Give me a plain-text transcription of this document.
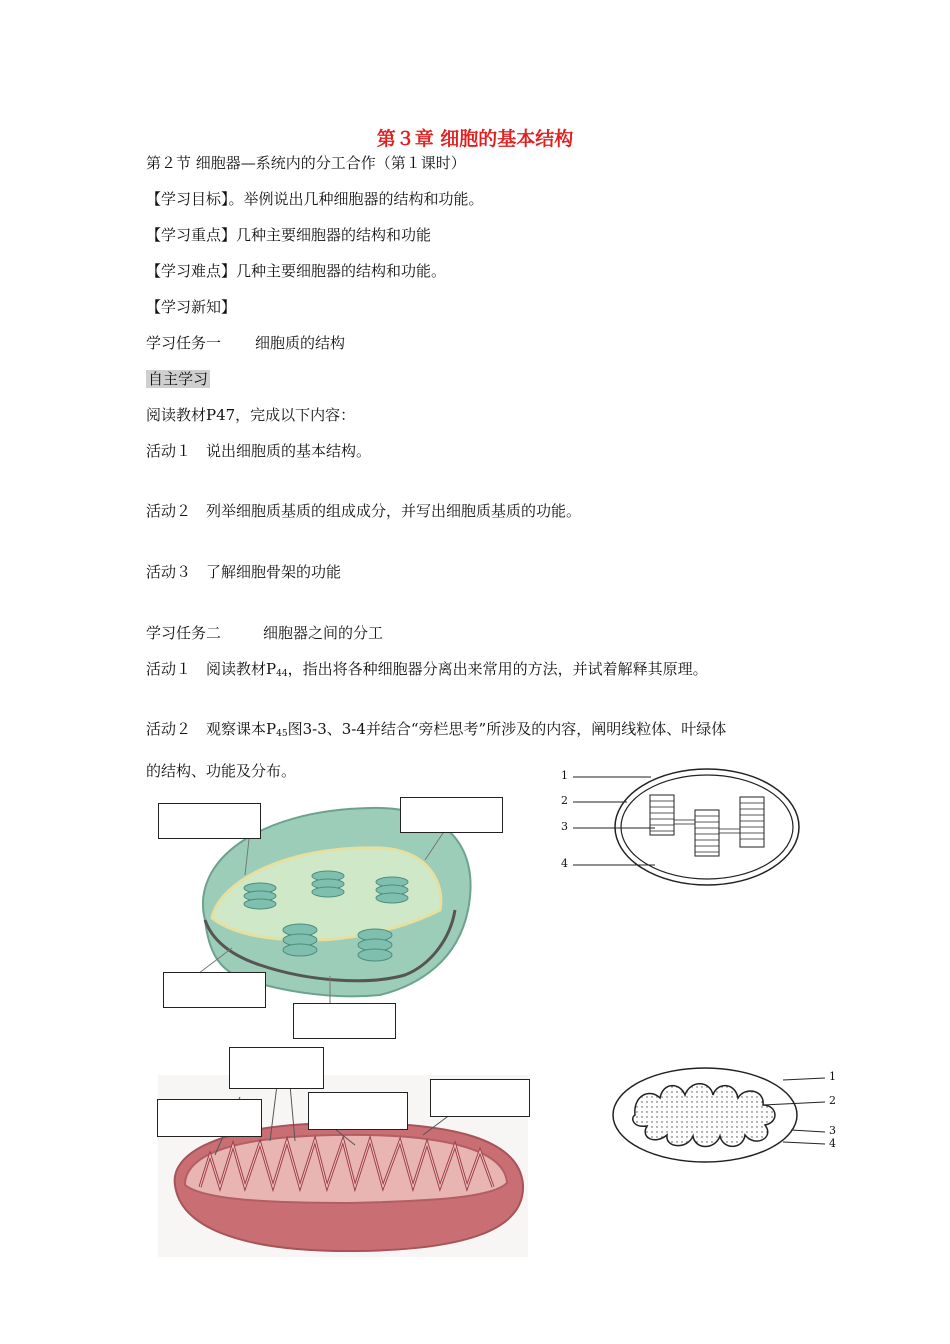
第３章 细胞的基本结构
第２节 细胞器—系统内的分工合作（第１课时）
【学习目标】。举例说出几种细胞器的结构和功能。
【学习重点】几种主要细胞器的结构和功能
【学习难点】几种主要细胞器的结构和功能。
【学习新知】
学习任务一 细胞质的结构
自主学习
阅读教材P47，完成以下内容：
活动１　 说出细胞质的基本结构。
活动２　 列举细胞质基质的组成成分，并写出细胞质基质的功能。
活动３　 了解细胞骨架的功能
学习任务二	细胞器之间的分工
活动１　 阅读教材$P_{44}$，指出将各种细胞器分离出来常用的方法，并试着解释其原理。
活动２　 观察课本$P_{45}$图3-3、3-4并结合“旁栏思考”所涉及的内容，阐明线粒体、叶绿体
的结构、功能及分布。	1
2
3
4
1
2
3
4
